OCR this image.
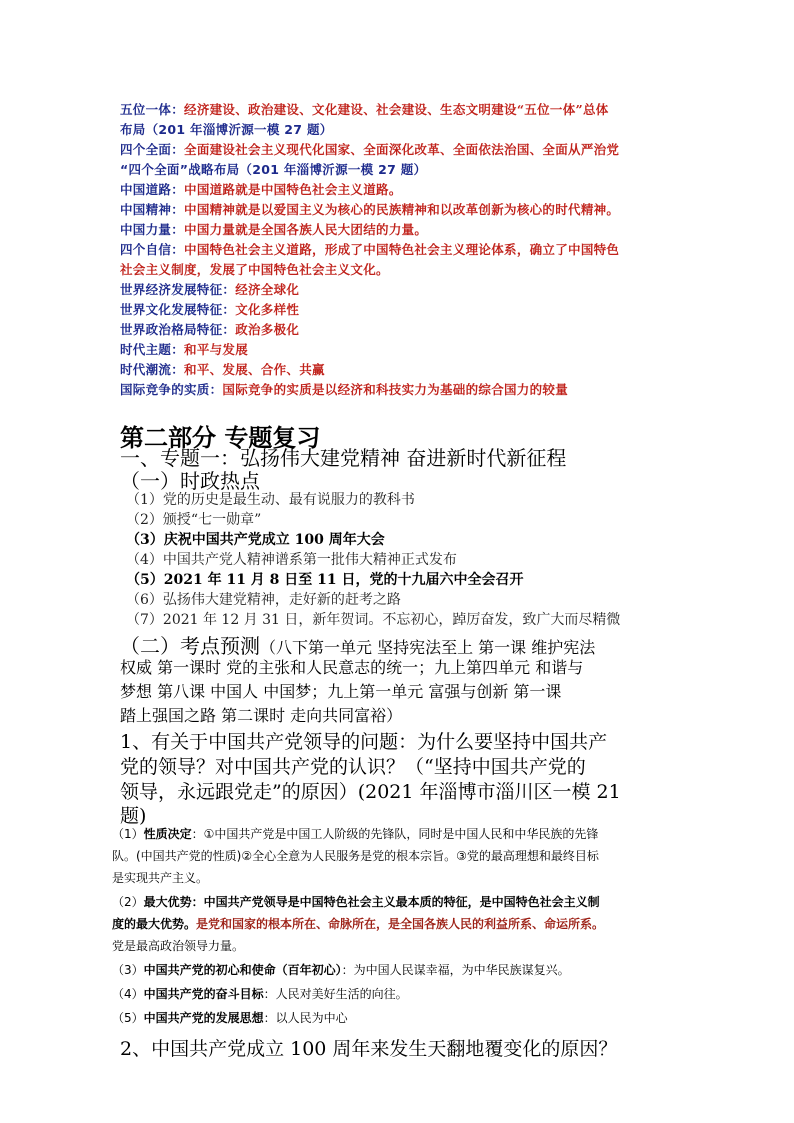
五位一体：经济建设、政治建设、文化建设、社会建设、生态文明建设“五位一体”总体
布局（201 年淄博沂源一模 27 题）
四个全面：全面建设社会主义现代化国家、全面深化改革、全面依法治国、全面从严治党
“四个全面”战略布局（201 年淄博沂源一模 27 题）
中国道路：中国道路就是中国特色社会主义道路。
中国精神：中国精神就是以爱国主义为核心的民族精神和以改革创新为核心的时代精神。
中国力量：中国力量就是全国各族人民大团结的力量。
四个自信：中国特色社会主义道路，形成了中国特色社会主义理论体系，确立了中国特色
社会主义制度，发展了中国特色社会主义文化。
世界经济发展特征：经济全球化
世界文化发展特征：文化多样性
世界政治格局特征：政治多极化
时代主题：和平与发展
时代潮流：和平、发展、合作、共赢
国际竞争的实质：国际竞争的实质是以经济和科技实力为基础的综合国力的较量
第二部分 专题复习
一、专题一：弘扬伟大建党精神 奋进新时代新征程
（一）时政热点
（1）党的历史是最生动、最有说服力的教科书
（2）颁授“七一勋章”
（3）庆祝中国共产党成立 100 周年大会
（4）中国共产党人精神谱系第一批伟大精神正式发布
（5）2021 年 11 月 8 日至 11 日，党的十九届六中全会召开
（6）弘扬伟大建党精神，走好新的赶考之路
（7）2021 年 12 月 31 日，新年贺词。不忘初心，踔厉奋发，致广大而尽精微
（二）考点预测（八下第一单元 坚持宪法至上 第一课 维护宪法
权威 第一课时 党的主张和人民意志的统一；九上第四单元 和谐与
梦想 第八课 中国人 中国梦；九上第一单元 富强与创新 第一课
踏上强国之路 第二课时 走向共同富裕）
1、有关于中国共产党领导的问题：为什么要坚持中国共产
党的领导？对中国共产党的认识？（“坚持中国共产党的
领导，永远跟党走”的原因）(2021 年淄博市淄川区一模 21
题)
（1）性质决定：①中国共产党是中国工人阶级的先锋队，同时是中国人民和中华民族的先锋
队。(中国共产党的性质)②全心全意为人民服务是党的根本宗旨。③党的最高理想和最终目标
是实现共产主义。
（2）最大优势：中国共产党领导是中国特色社会主义最本质的特征，是中国特色社会主义制
度的最大优势。是党和国家的根本所在、命脉所在，是全国各族人民的利益所系、命运所系。
党是最高政治领导力量。
（3）中国共产党的初心和使命（百年初心）：为中国人民谋幸福，为中华民族谋复兴。
（4）中国共产党的奋斗目标：人民对美好生活的向往。
（5）中国共产党的发展思想：以人民为中心
2、中国共产党成立 100 周年来发生天翻地覆变化的原因？
